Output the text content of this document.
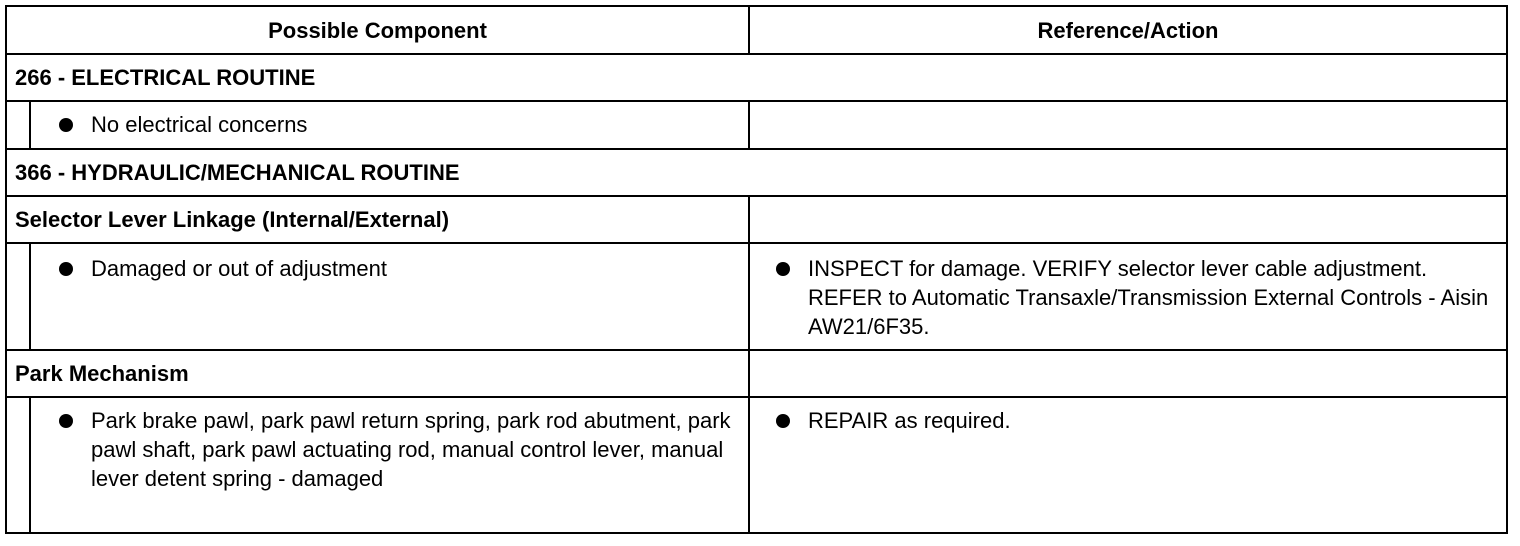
Possible Component	Reference/Action
266 - ELECTRICAL ROUTINE	

No electrical concerns	

366 - HYDRAULIC/MECHANICAL ROUTINE	
Selector Lever Linkage (Internal/External)	

Damaged or out of adjustment	INSPECT for damage. VERIFY selector lever cable adjustment. REFER to Automatic Transaxle/Transmission External Controls - Aisin AW21/6F35.

Park Mechanism	

Park brake pawl, park pawl return spring, park rod abutment, park pawl shaft, park pawl actuating rod, manual control lever, manual lever detent spring - damaged	REPAIR as required.
